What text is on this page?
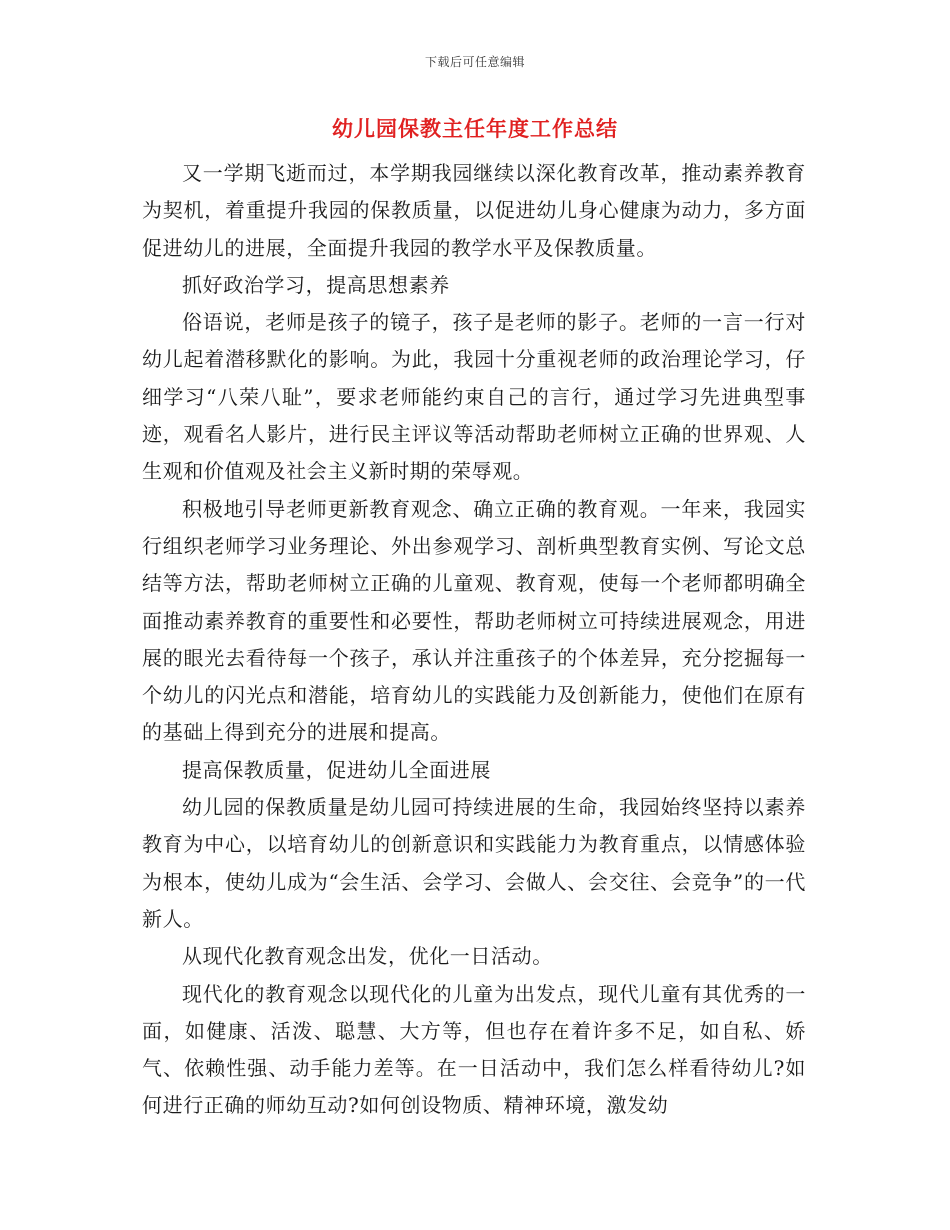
下载后可任意编辑
幼儿园保教主任年度工作总结

又一学期飞逝而过，本学期我园继续以深化教育改革，推动素养教育为契机，着重提升我园的保教质量，以促进幼儿身心健康为动力，多方面促进幼儿的进展，全面提升我园的教学水平及保教质量。

抓好政治学习，提高思想素养

俗语说，老师是孩子的镜子，孩子是老师的影子。老师的一言一行对幼儿起着潜移默化的影响。为此，我园十分重视老师的政治理论学习，仔细学习“八荣八耻”，要求老师能约束自己的言行，通过学习先进典型事迹，观看名人影片，进行民主评议等活动帮助老师树立正确的世界观、人生观和价值观及社会主义新时期的荣辱观。

积极地引导老师更新教育观念、确立正确的教育观。一年来，我园实行组织老师学习业务理论、外出参观学习、剖析典型教育实例、写论文总结等方法，帮助老师树立正确的儿童观、教育观，使每一个老师都明确全面推动素养教育的重要性和必要性，帮助老师树立可持续进展观念，用进展的眼光去看待每一个孩子，承认并注重孩子的个体差异，充分挖掘每一个幼儿的闪光点和潜能，培育幼儿的实践能力及创新能力，使他们在原有的基础上得到充分的进展和提高。

提高保教质量，促进幼儿全面进展

幼儿园的保教质量是幼儿园可持续进展的生命，我园始终坚持以素养教育为中心，以培育幼儿的创新意识和实践能力为教育重点，以情感体验为根本，使幼儿成为“会生活、会学习、会做人、会交往、会竞争”的一代新人。

从现代化教育观念出发，优化一日活动。

现代化的教育观念以现代化的儿童为出发点，现代儿童有其优秀的一面，如健康、活泼、聪慧、大方等，但也存在着许多不足，如自私、娇气、依赖性强、动手能力差等。在一日活动中，我们怎么样看待幼儿?如何进行正确的师幼互动?如何创设物质、精神环境，激发幼
